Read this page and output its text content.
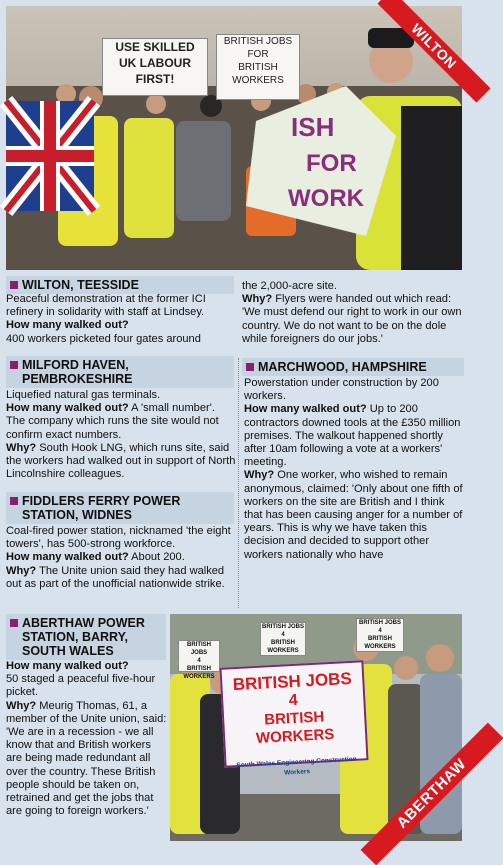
ISH
FOR
WORK
USE SKILLED
UK LABOUR
FIRST!
BRITISH JOBS
FOR
BRITISH
WORKERS
WILTON
WILTON, TEESSIDE
Peaceful demonstration at the former ICI refinery in solidarity with staff at Lindsey.
How many walked out?
400 workers picketed four gates around
the 2,000-acre site.
Why? Flyers were handed out which read: 'We must defend our right to work in our own country. We do not want to be on the dole while foreigners do our jobs.'
MILFORD HAVEN,
PEMBROKESHIRE
Liquefied natural gas terminals.
How many walked out? A 'small number'. The company which runs the site would not confirm exact numbers.
Why? South Hook LNG, which runs site, said the workers had walked out in support of North Lincolnshire colleagues.
FIDDLERS FERRY POWER
STATION, WIDNES
Coal-fired power station, nicknamed 'the eight towers', has 500-strong workforce.
How many walked out? About 200.
Why? The Unite union said they had walked out as part of the unofficial nationwide strike.
MARCHWOOD, HAMPSHIRE
Powerstation under construction by 200 workers.
How many walked out? Up to 200 contractors downed tools at the £350 million premises. The walkout happened shortly after 10am following a vote at a workers' meeting.
Why? One worker, who wished to remain anonymous, claimed: 'Only about one fifth of workers on the site are British and I think that has been causing anger for a number of years. This is why we have taken this decision and decided to support other workers nationally who have
ABERTHAW POWER
STATION, BARRY,
SOUTH WALES
How many walked out?
50 staged a peaceful five-hour picket.
Why? Meurig Thomas, 61, a member of the Unite union, said: 'We are in a recession - we all know that and British workers are being made redundant all over the country. These British people should be taken on, retrained and get the jobs that are going to foreign workers.'
BRITISH JOBS
4
BRITISH WORKERS
BRITISH JOBS
4
BRITISH WORKERS
BRITISH JOBS
4
BRITISH WORKERS
BRITISH JOBS
4
BRITISH WORKERS
South Wales Engineering Construction Workers	ABERTHAW
